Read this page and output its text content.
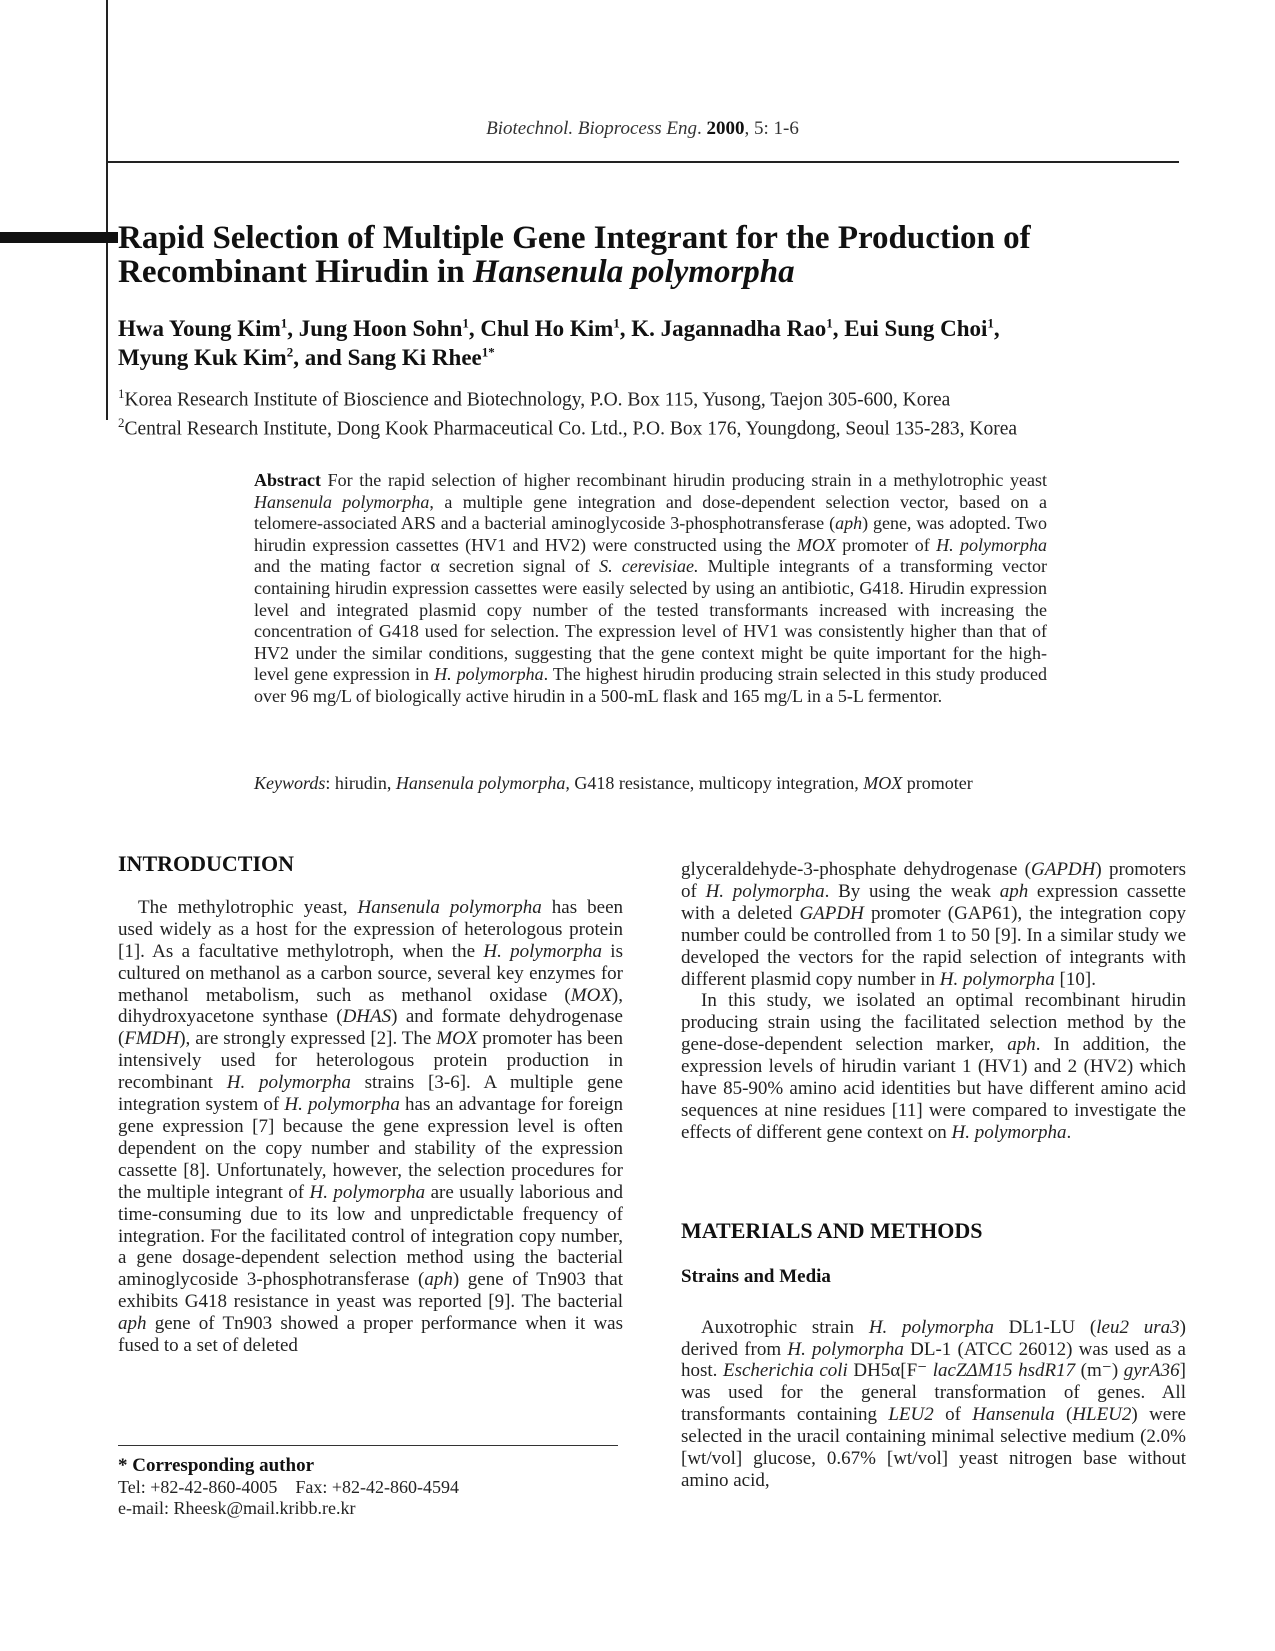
Biotechnol. Bioprocess Eng. 2000, 5: 1-6
Rapid Selection of Multiple Gene Integrant for the Production of
Recombinant Hirudin in Hansenula polymorpha

Hwa Young Kim$^1$, Jung Hoon Sohn$^1$, Chul Ho Kim$^1$, K. Jagannadha Rao$^1$, Eui Sung Choi$^1$,
Myung Kuk Kim$^2$, and Sang Ki Rhee$^{1*}$

$^1$Korea Research Institute of Bioscience and Biotechnology, P.O. Box 115, Yusong, Taejon 305-600, Korea

$^2$Central Research Institute, Dong Kook Pharmaceutical Co. Ltd., P.O. Box 176, Youngdong, Seoul 135-283, Korea

Abstract For the rapid selection of higher recombinant hirudin producing strain in a methylotrophic yeast Hansenula polymorpha, a multiple gene integration and dose-dependent selection vector, based on a telomere-associated ARS and a bacterial aminoglycoside 3-phosphotransferase (aph) gene, was adopted. Two hirudin expression cassettes (HV1 and HV2) were constructed using the MOX promoter of H. polymorpha and the mating factor α secretion signal of S. cerevisiae. Multiple integrants of a transforming vector containing hirudin expression cassettes were easily selected by using an antibiotic, G418. Hirudin expression level and integrated plasmid copy number of the tested transformants increased with increasing the concentration of G418 used for selection. The expression level of HV1 was consistently higher than that of HV2 under the similar conditions, suggesting that the gene context might be quite important for the high-level gene expression in H. polymorpha. The highest hirudin producing strain selected in this study produced over 96 mg/L of biologically active hirudin in a 500-mL flask and 165 mg/L in a 5-L fermentor.

Keywords: hirudin, Hansenula polymorpha, G418 resistance, multicopy integration, MOX promoter

INTRODUCTION

The methylotrophic yeast, Hansenula polymorpha has been used widely as a host for the expression of heterologous protein [1]. As a facultative methylotroph, when the H. polymorpha is cultured on methanol as a carbon source, several key enzymes for methanol metabolism, such as methanol oxidase (MOX), dihydroxyacetone synthase (DHAS) and formate dehydrogenase (FMDH), are strongly expressed [2]. The MOX promoter has been intensively used for heterologous protein production in recombinant H. polymorpha strains [3-6]. A multiple gene integration system of H. polymorpha has an advantage for foreign gene expression [7] because the gene expression level is often dependent on the copy number and stability of the expression cassette [8]. Unfortunately, however, the selection procedures for the multiple integrant of H. polymorpha are usually laborious and time-consuming due to its low and unpredictable frequency of integration. For the facilitated control of integration copy number, a gene dosage-dependent selection method using the bacterial aminoglycoside 3-phosphotransferase (aph) gene of Tn903 that exhibits G418 resistance in yeast was reported [9]. The bacterial aph gene of Tn903 showed a proper performance when it was fused to a set of deleted

glyceraldehyde-3-phosphate dehydrogenase (GAPDH) promoters of H. polymorpha. By using the weak aph expression cassette with a deleted GAPDH promoter (GAP61), the integration copy number could be controlled from 1 to 50 [9]. In a similar study we developed the vectors for the rapid selection of integrants with different plasmid copy number in H. polymorpha [10].

In this study, we isolated an optimal recombinant hirudin producing strain using the facilitated selection method by the gene-dose-dependent selection marker, aph. In addition, the expression levels of hirudin variant 1 (HV1) and 2 (HV2) which have 85-90% amino acid identities but have different amino acid sequences at nine residues [11] were compared to investigate the effects of different gene context on H. polymorpha.

MATERIALS AND METHODS
Strains and Media

Auxotrophic strain H. polymorpha DL1-LU (leu2 ura3) derived from H. polymorpha DL-1 (ATCC 26012) was used as a host. Escherichia coli DH5α[F⁻ lacZΔM15 hsdR17 (m⁻) gyrA36] was used for the general transformation of genes. All transformants containing LEU2 of Hansenula (HLEU2) were selected in the uracil containing minimal selective medium (2.0% [wt/vol] glucose, 0.67% [wt/vol] yeast nitrogen base without amino acid,

* Corresponding author
Tel: +82-42-860-4005    Fax: +82-42-860-4594
e-mail: Rheesk@mail.kribb.re.kr
